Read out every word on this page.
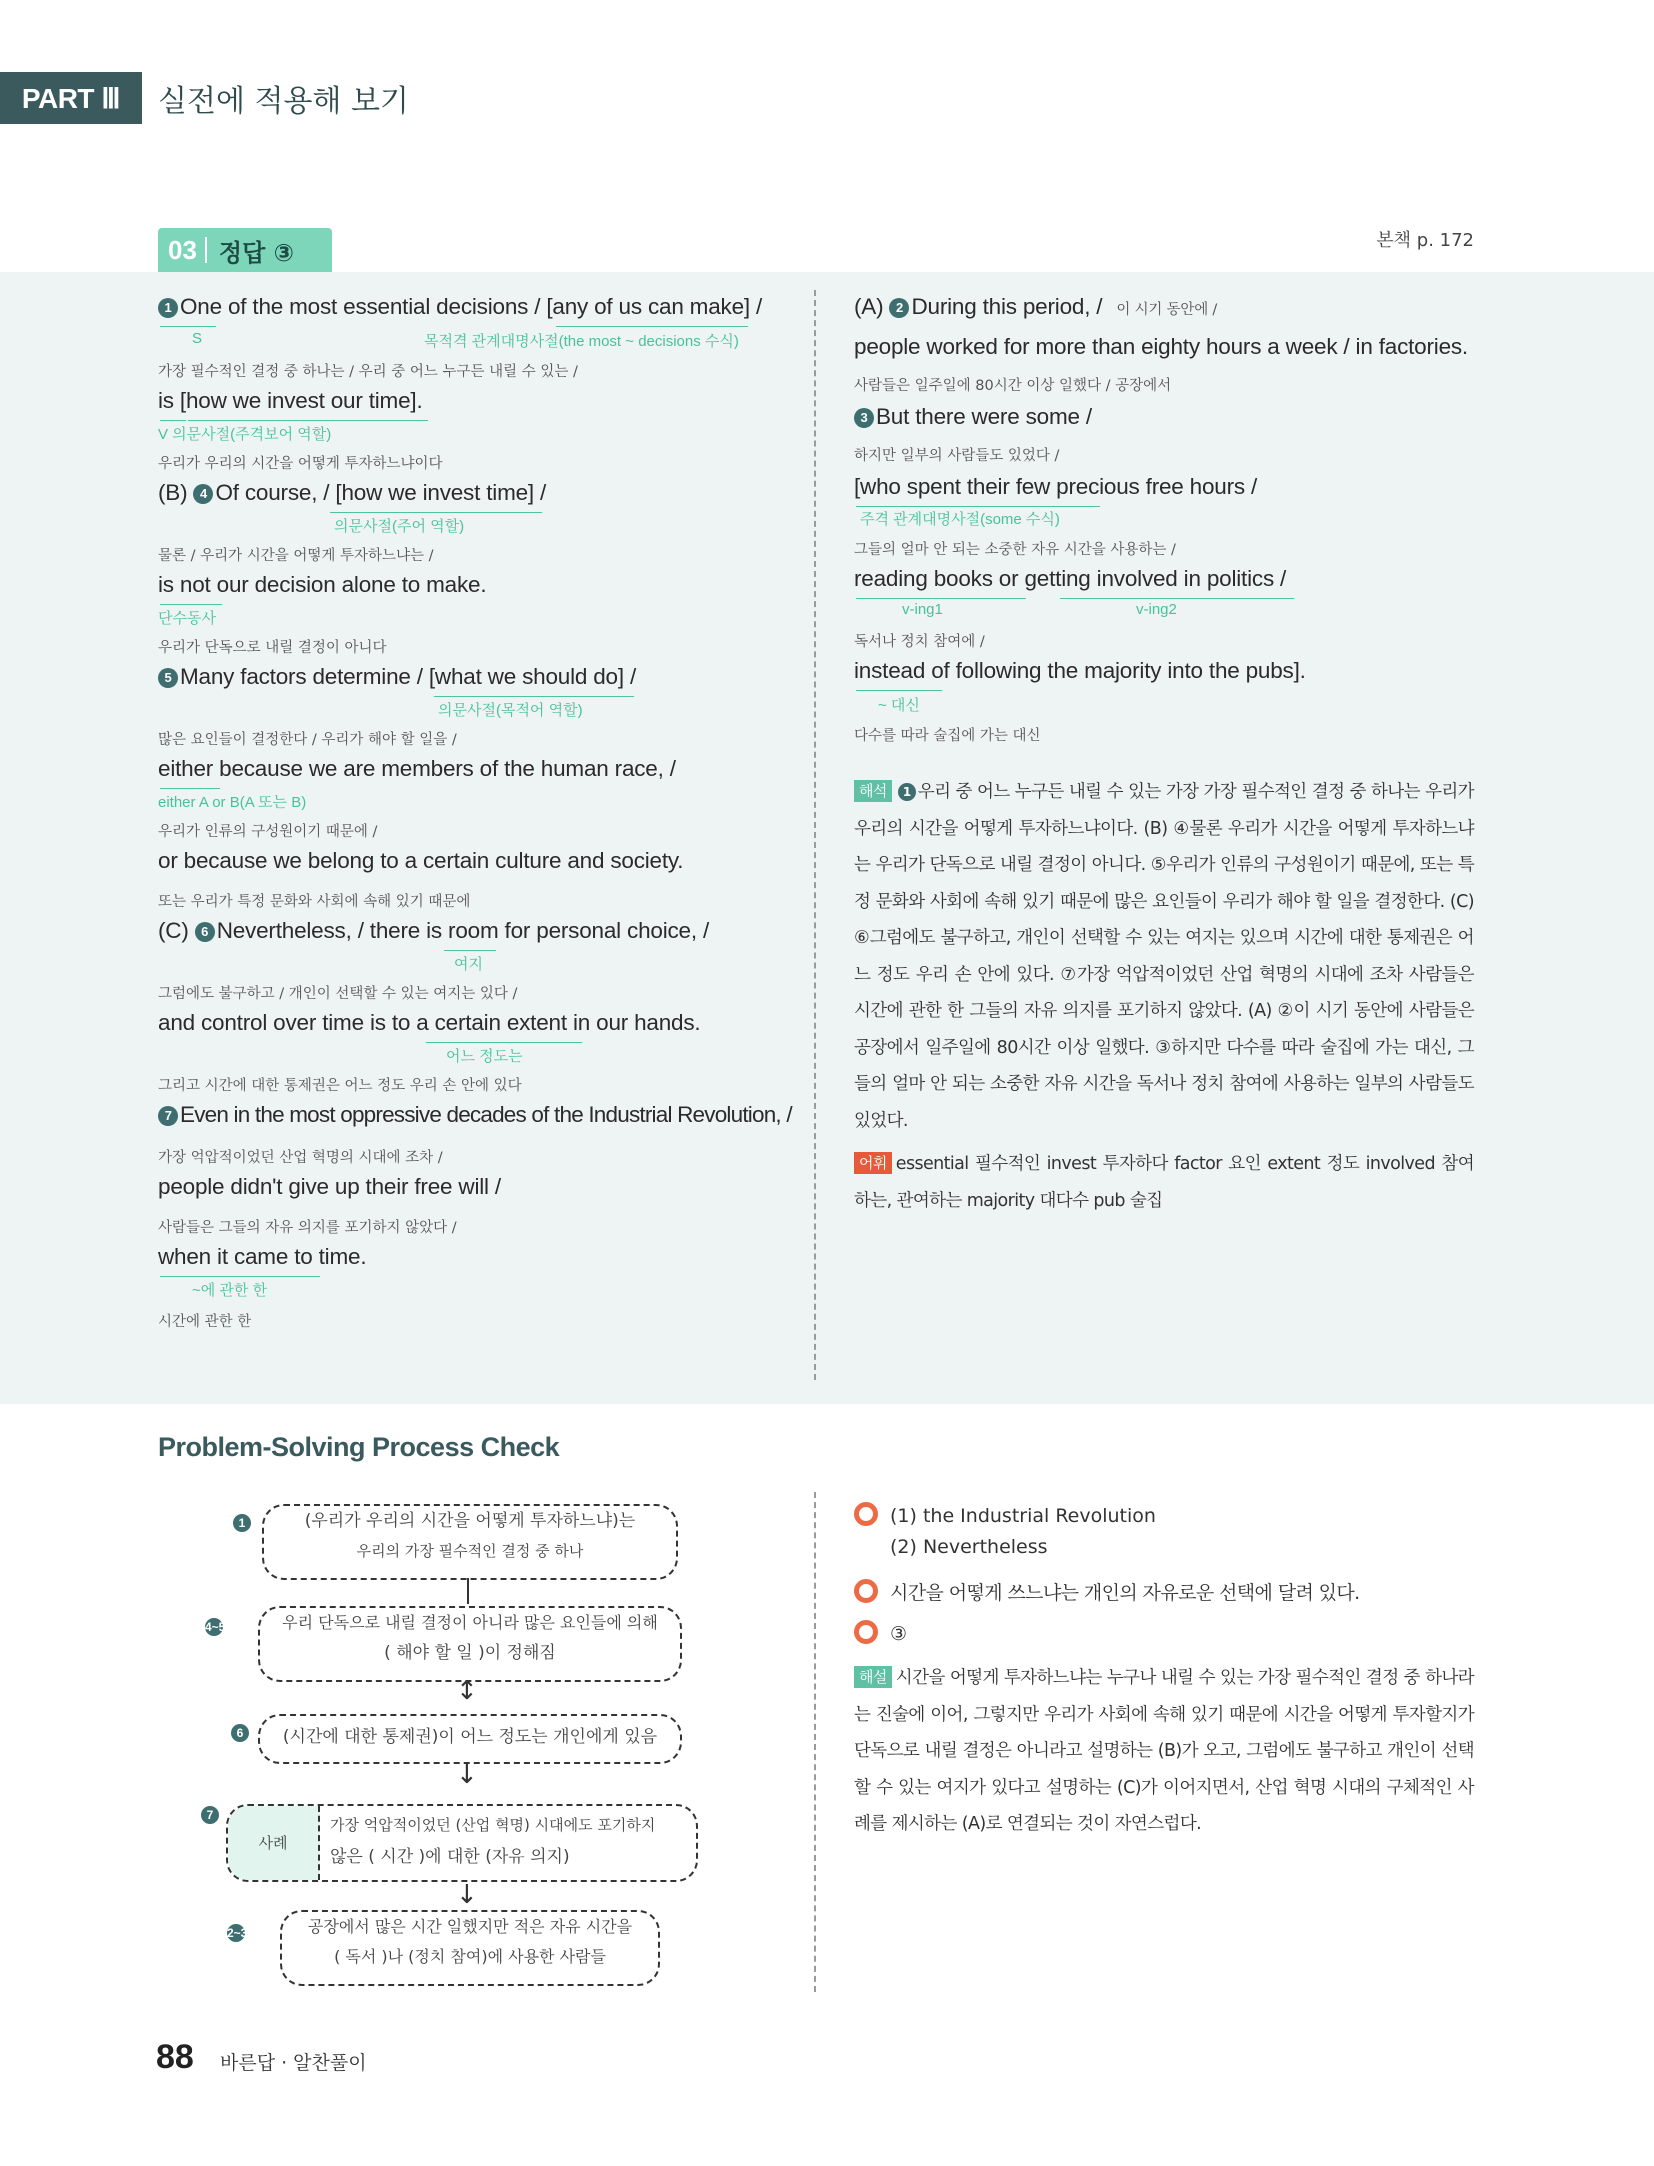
PART Ⅲ	실전에 적용해 보기
03 정답 ③	본책 p. 172
1 One of the most essential decisions / [any of us can make] /
S	목적격 관계대명사절(the most ~ decisions 수식)
가장 필수적인 결정 중 하나는 / 우리 중 어느 누구든 내릴 수 있는 /
is [how we invest our time].
V 의문사절(주격보어 역할)
우리가 우리의 시간을 어떻게 투자하느냐이다
(B) 4 Of course, / [how we invest time] /
의문사절(주어 역할)
물론 / 우리가 시간을 어떻게 투자하느냐는 /
is not our decision alone to make.
단수동사
우리가 단독으로 내릴 결정이 아니다
5 Many factors determine / [what we should do] /
의문사절(목적어 역할)
많은 요인들이 결정한다 / 우리가 해야 할 일을 /
either because we are members of the human race, /
either A or B(A 또는 B)
우리가 인류의 구성원이기 때문에 /
or because we belong to a certain culture and society.
또는 우리가 특정 문화와 사회에 속해 있기 때문에
(C) 6 Nevertheless, / there is room for personal choice, /
여지
그럼에도 불구하고 / 개인이 선택할 수 있는 여지는 있다 /
and control over time is to a certain extent in our hands.
어느 정도는
그리고 시간에 대한 통제권은 어느 정도 우리 손 안에 있다
7 Even in the most oppressive decades of the Industrial Revolution, /
가장 억압적이었던 산업 혁명의 시대에 조차 /
people didn't give up their free will /
사람들은 그들의 자유 의지를 포기하지 않았다 /
when it came to time.
~에 관한 한
시간에 관한 한
(A) 2 During this period, / 이 시기 동안에 /
people worked for more than eighty hours a week / in factories.
사람들은 일주일에 80시간 이상 일했다 / 공장에서
3 But there were some /
하지만 일부의 사람들도 있었다 /
[who spent their few precious free hours /
주격 관계대명사절(some 수식)
그들의 얼마 안 되는 소중한 자유 시간을 사용하는 /
reading books or getting involved in politics /
v-ing1	v-ing2
독서나 정치 참여에 /
instead of following the majority into the pubs].
~ 대신
다수를 따라 술집에 가는 대신
해석 1 우리 중 어느 누구든 내릴 수 있는 가장 가장 필수적인 결정 중 하나는 우리가 우리의 시간을 어떻게 투자하느냐이다. (B) ④물론 우리가 시간을 어떻게 투자하느냐는 우리가 단독으로 내릴 결정이 아니다. ⑤우리가 인류의 구성원이기 때문에, 또는 특정 문화와 사회에 속해 있기 때문에 많은 요인들이 우리가 해야 할 일을 결정한다. (C) ⑥그럼에도 불구하고, 개인이 선택할 수 있는 여지는 있으며 시간에 대한 통제권은 어느 정도 우리 손 안에 있다. ⑦가장 억압적이었던 산업 혁명의 시대에 조차 사람들은 시간에 관한 한 그들의 자유 의지를 포기하지 않았다. (A) ②이 시기 동안에 사람들은 공장에서 일주일에 80시간 이상 일했다. ③하지만 다수를 따라 술집에 가는 대신, 그들의 얼마 안 되는 소중한 자유 시간을 독서나 정치 참여에 사용하는 일부의 사람들도 있었다.
어휘 essential 필수적인 invest 투자하다 factor 요인 extent 정도 involved 참여하는, 관여하는 majority 대다수 pub 술집
Problem-Solving Process Check
1	(우리가 우리의 시간을 어떻게 투자하느냐)는
우리의 가장 필수적인 결정 중 하나
4~5	우리 단독으로 내릴 결정이 아니라 많은 요인들에 의해
( 해야 할 일 )이 정해짐
↕
6	(시간에 대한 통제권)이 어느 정도는 개인에게 있음
↓
7
사례
가장 억압적이었던 (산업 혁명) 시대에도 포기하지
않은 ( 시간 )에 대한 (자유 의지)
↓
2~3	공장에서 많은 시간 일했지만 적은 자유 시간을
( 독서 )나 (정치 참여)에 사용한 사람들
(1) the Industrial Revolution
(2) Nevertheless
시간을 어떻게 쓰느냐는 개인의 자유로운 선택에 달려 있다.
③
해설 시간을 어떻게 투자하느냐는 누구나 내릴 수 있는 가장 필수적인 결정 중 하나라는 진술에 이어, 그렇지만 우리가 사회에 속해 있기 때문에 시간을 어떻게 투자할지가 단독으로 내릴 결정은 아니라고 설명하는 (B)가 오고, 그럼에도 불구하고 개인이 선택할 수 있는 여지가 있다고 설명하는 (C)가 이어지면서, 산업 혁명 시대의 구체적인 사례를 제시하는 (A)로 연결되는 것이 자연스럽다.
88 바른답 · 알찬풀이
